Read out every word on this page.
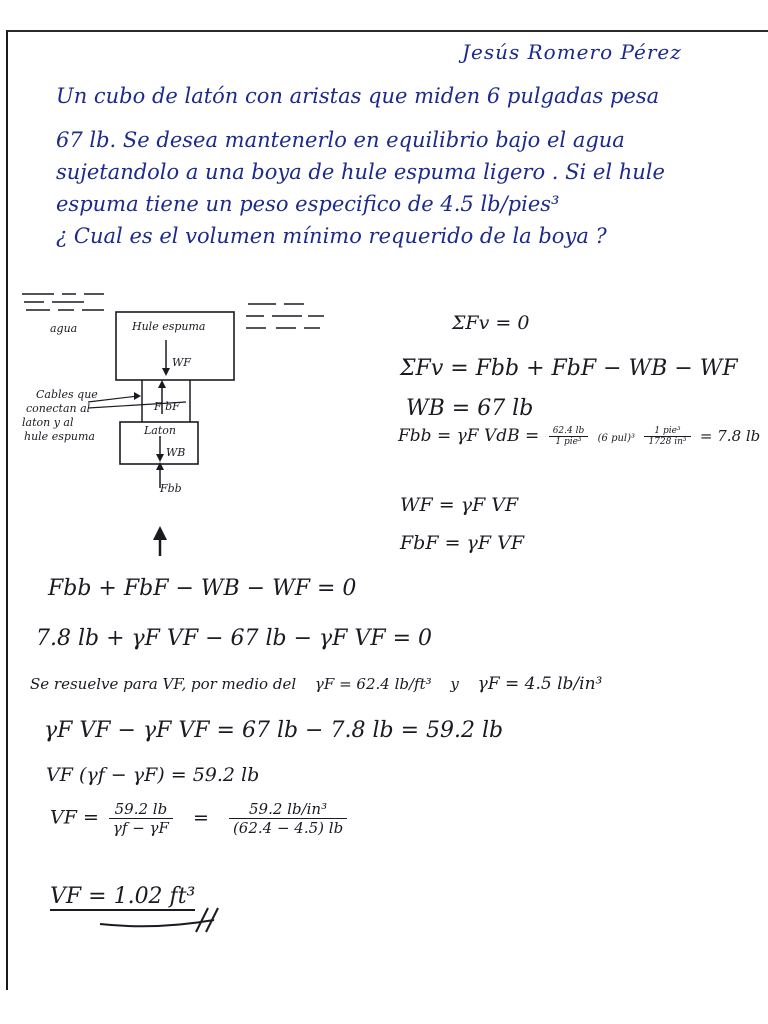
Jesús Romero Pérez
Un cubo de latón con aristas que miden 6 pulgadas pesa
67 lb. Se desea mantenerlo en equilibrio bajo el agua
sujetandolo a una boya de hule espuma ligero . Si el hule
espuma tiene un peso especifico de 4.5 lb/pies³
¿ Cual es el volumen mínimo requerido de la boya ?
agua	Hule espuma
WF
F bF
Laton
WB
Fbb
Cables que
conectan al
laton y al
hule espuma
ΣFv = 0
ΣFv = Fbb + FbF − WB − WF
WB = 67 lb
Fbb = γF VdB = $\frac{62.4 lb}{\text{1 pie³}} (6$ $pul)^3 \frac{\text{1 pie³}}{\text{1728 in³}} = 7.8$ lb
WF = γF VF
FbF = γF VF
Fbb + FbF − WB − WF = 0
7.8 lb + γF VF − 67 lb − γF VF = 0
Se resuelve para VF, por medio del γF = 62.4 lb/ft³ y γF = 4.5 lb/in³
γF VF − γF VF = 67 lb − 7.8 lb = 59.2 lb
VF (γf − γF) = 59.2 lb
VF = $\frac{59.2 lb}{\gamma f - \gamma F} = \frac{\text{59.2 lb/in³}}{(62.4 - 4.5) lb}$
VF = 1.02 ft³
